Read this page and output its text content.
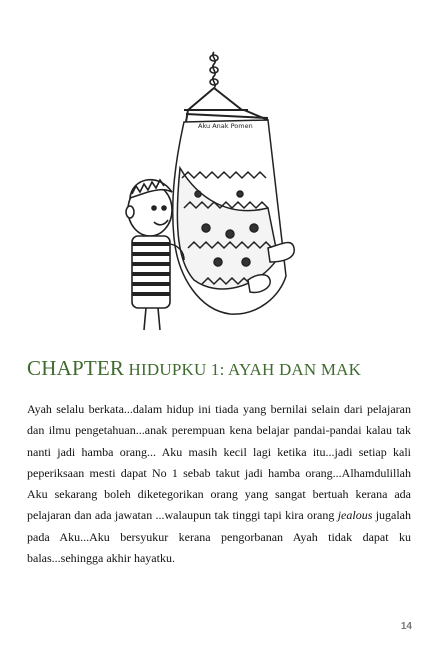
Aku Anak Pomen
CHAPTER HIDUPKU 1: AYAH DAN MAK

Ayah selalu berkata...dalam hidup ini tiada yang bernilai selain dari pelajaran
dan ilmu pengetahuan...anak perempuan kena belajar pandai-pandai kalau tak
nanti jadi hamba orang... Aku masih kecil lagi ketika itu...jadi setiap kali
peperiksaan mesti dapat No 1 sebab takut jadi hamba orang...Alhamdulillah
Aku sekarang boleh diketegorikan orang yang sangat bertuah kerana ada
pelajaran dan ada jawatan ...walaupun tak tinggi tapi kira orang jealous jugalah
pada Aku...Aku bersyukur kerana pengorbanan Ayah tidak dapat ku
balas...sehingga akhir hayatku.

14
